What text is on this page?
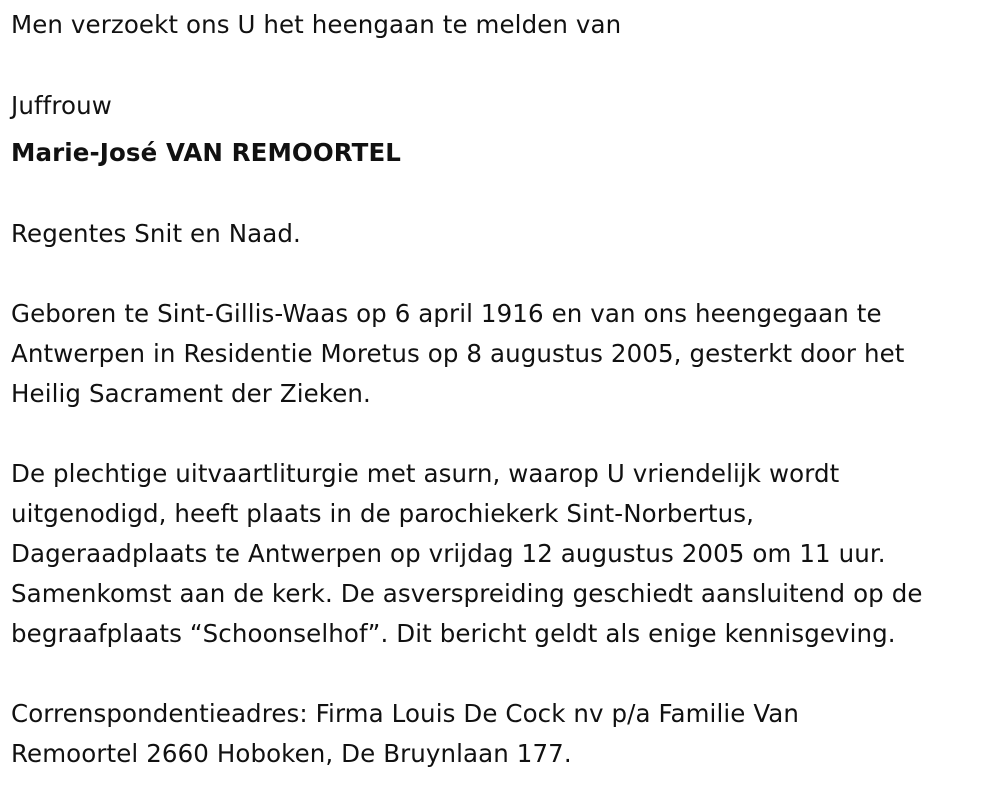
Men verzoekt ons U het heengaan te melden van
Juffrouw
Marie-José VAN REMOORTEL
Regentes Snit en Naad.
Geboren te Sint-Gillis-Waas op 6 april 1916 en van ons heengegaan te
Antwerpen in Residentie Moretus op 8 augustus 2005, gesterkt door het
Heilig Sacrament der Zieken.
De plechtige uitvaartliturgie met asurn, waarop U vriendelijk wordt
uitgenodigd, heeft plaats in de parochiekerk Sint-Norbertus,
Dageraadplaats te Antwerpen op vrijdag 12 augustus 2005 om 11 uur.
Samenkomst aan de kerk. De asverspreiding geschiedt aansluitend op de
begraafplaats “Schoonselhof”. Dit bericht geldt als enige kennisgeving.
Correnspondentieadres: Firma Louis De Cock nv p/a Familie Van
Remoortel 2660 Hoboken, De Bruynlaan 177.
